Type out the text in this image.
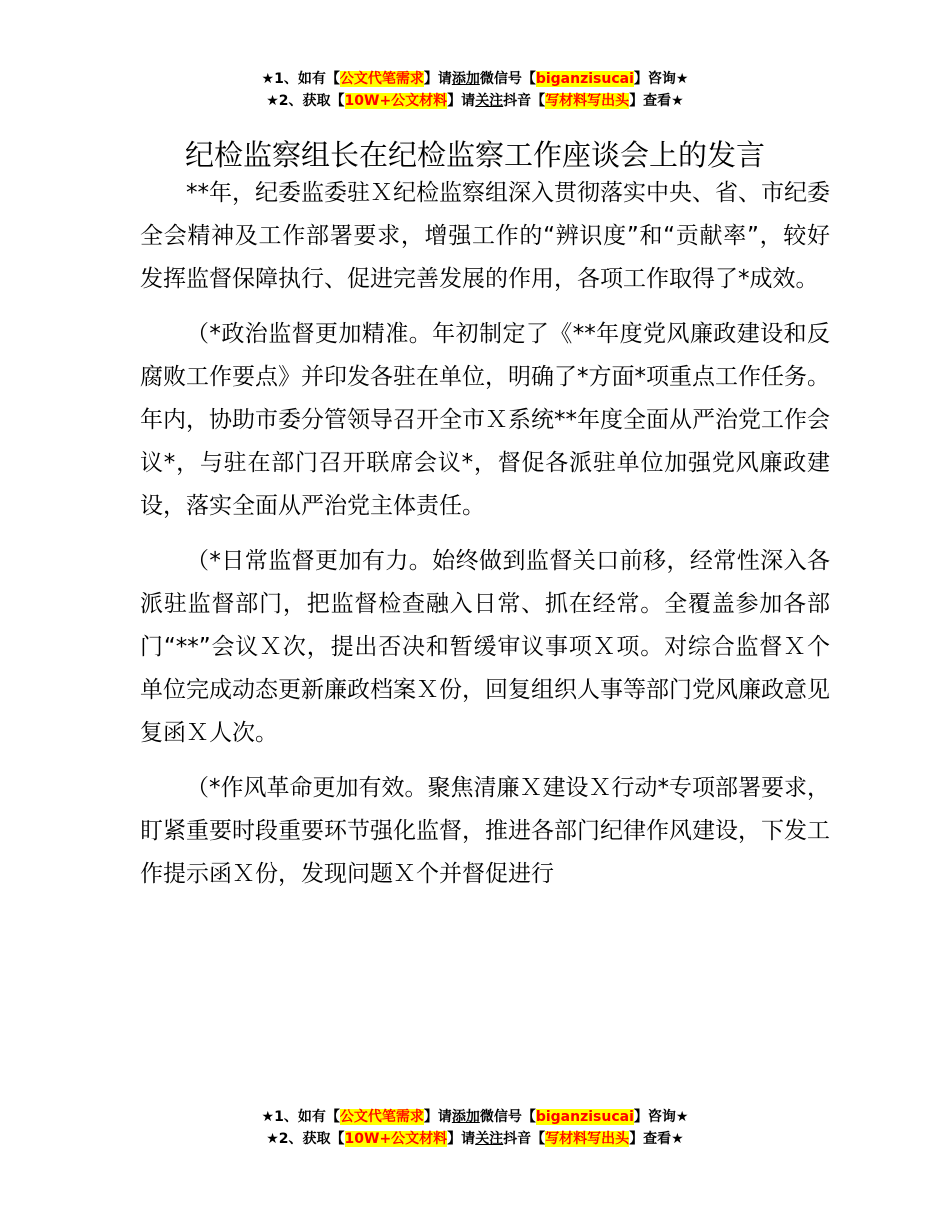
★1、如有【公文代笔需求】请添加微信号【biganzisucai】咨询★
★2、获取【10W+公文材料】请关注抖音【写材料写出头】查看★
纪检监察组长在纪检监察工作座谈会上的发言

**年，纪委监委驻Ｘ纪检监察组深入贯彻落实中央、省、市纪委全会精神及工作部署要求，增强工作的“辨识度”和“贡献率”，较好发挥监督保障执行、促进完善发展的作用，各项工作取得了*成效。

（*政治监督更加精准。年初制定了《**年度党风廉政建设和反腐败工作要点》并印发各驻在单位，明确了*方面*项重点工作任务。年内，协助市委分管领导召开全市Ｘ系统**年度全面从严治党工作会议*，与驻在部门召开联席会议*，督促各派驻单位加强党风廉政建设，落实全面从严治党主体责任。

（*日常监督更加有力。始终做到监督关口前移，经常性深入各派驻监督部门，把监督检查融入日常、抓在经常。全覆盖参加各部门“**”会议Ｘ次，提出否决和暂缓审议事项Ｘ项。对综合监督Ｘ个单位完成动态更新廉政档案Ｘ份，回复组织人事等部门党风廉政意见复函Ｘ人次。

（*作风革命更加有效。聚焦清廉Ｘ建设Ｘ行动*专项部署要求，盯紧重要时段重要环节强化监督，推进各部门纪律作风建设，下发工作提示函Ｘ份，发现问题Ｘ个并督促进行

★1、如有【公文代笔需求】请添加微信号【biganzisucai】咨询★
★2、获取【10W+公文材料】请关注抖音【写材料写出头】查看★
